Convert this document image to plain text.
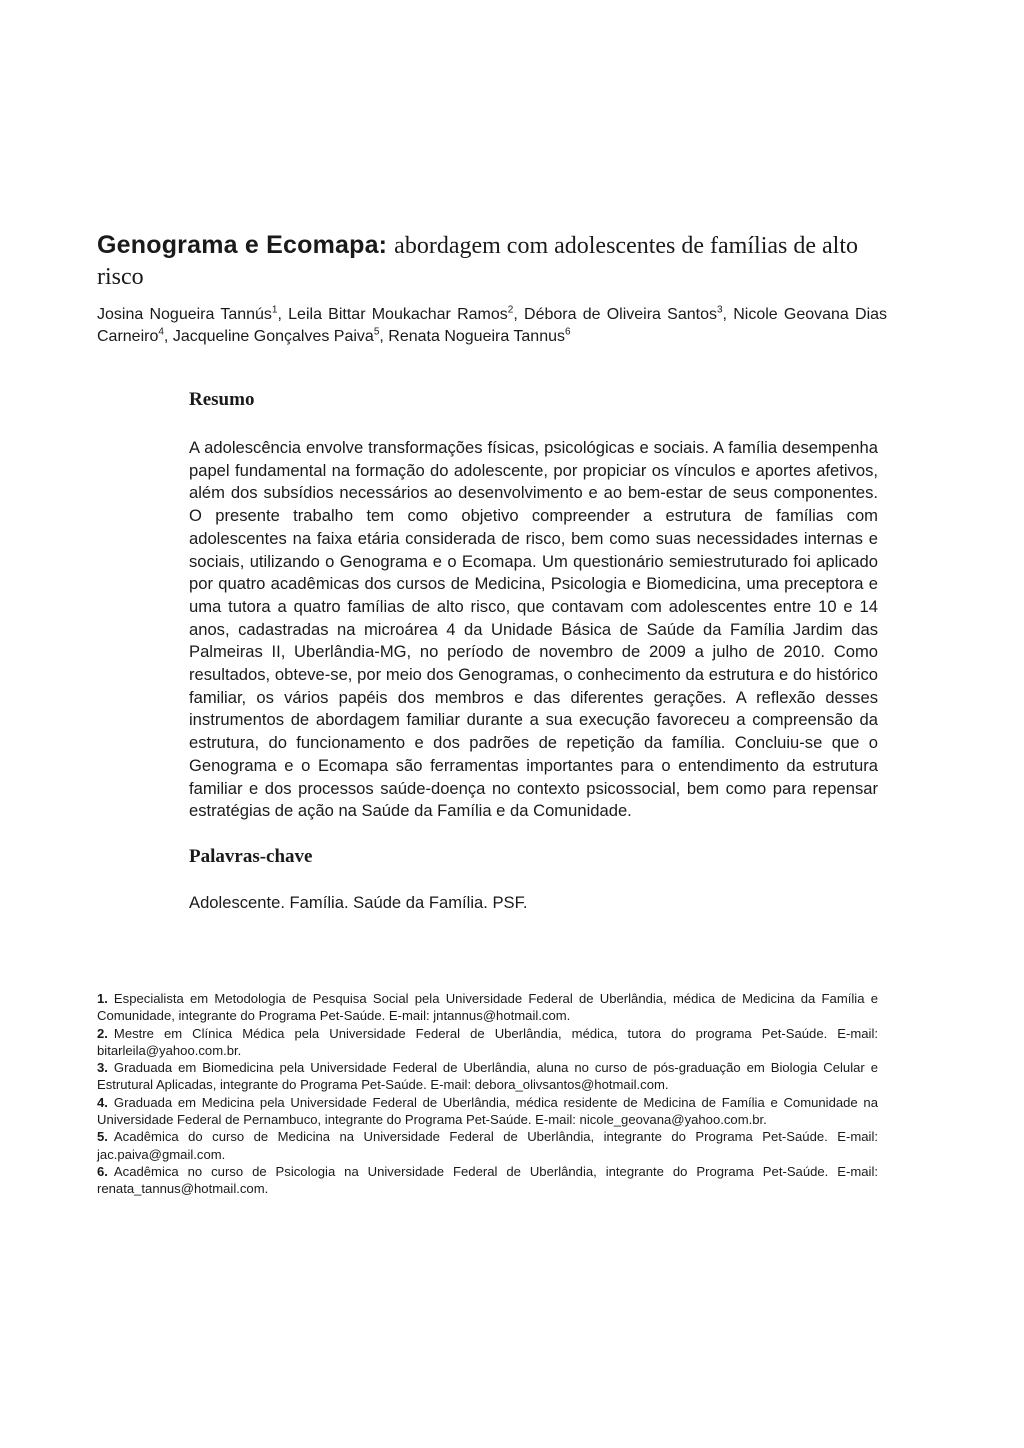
Genograma e Ecomapa: abordagem com adolescentes de famílias de alto risco

Josina Nogueira Tannús$^1$, Leila Bittar Moukachar Ramos$^2$, Débora de Oliveira Santos$^3$, Nicole Geovana Dias Carneiro$^4$, Jacqueline Gonçalves Paiva$^5$, Renata Nogueira Tannus$^6$

Resumo

A adolescência envolve transformações físicas, psicológicas e sociais. A família desempenha papel fundamental na formação do adolescente, por propiciar os vínculos e aportes afetivos, além dos subsídios necessários ao desenvolvimento e ao bem-estar de seus componentes. O presente trabalho tem como objetivo compreender a estrutura de famílias com adolescentes na faixa etária considerada de risco, bem como suas necessidades internas e sociais, utilizando o Genograma e o Ecomapa. Um questionário semiestruturado foi aplicado por quatro acadêmicas dos cursos de Medicina, Psicologia e Biomedicina, uma preceptora e uma tutora a quatro famílias de alto risco, que contavam com adolescentes entre 10 e 14 anos, cadastradas na microárea 4 da Unidade Básica de Saúde da Família Jardim das Palmeiras II, Uberlândia-MG, no período de novembro de 2009 a julho de 2010. Como resultados, obteve-se, por meio dos Genogramas, o conhecimento da estrutura e do histórico familiar, os vários papéis dos membros e das diferentes gerações. A reflexão desses instrumentos de abordagem familiar durante a sua execução favoreceu a compreensão da estrutura, do funcionamento e dos padrões de repetição da família. Concluiu-se que o Genograma e o Ecomapa são ferramentas importantes para o entendimento da estrutura familiar e dos processos saúde-doença no contexto psicossocial, bem como para repensar estratégias de ação na Saúde da Família e da Comunidade.

Palavras-chave

Adolescente. Família. Saúde da Família. PSF.

1. Especialista em Metodologia de Pesquisa Social pela Universidade Federal de Uberlândia, médica de Medicina da Família e Comunidade, integrante do Programa Pet-Saúde. E-mail: jntannus@hotmail.com.

2. Mestre em Clínica Médica pela Universidade Federal de Uberlândia, médica, tutora do programa Pet-Saúde. E-mail: bitarleila@yahoo.com.br.

3. Graduada em Biomedicina pela Universidade Federal de Uberlândia, aluna no curso de pós-graduação em Biologia Celular e Estrutural Aplicadas, integrante do Programa Pet-Saúde. E-mail: debora_olivsantos@hotmail.com.

4. Graduada em Medicina pela Universidade Federal de Uberlândia, médica residente de Medicina de Família e Comunidade na Universidade Federal de Pernambuco, integrante do Programa Pet-Saúde. E-mail: nicole_geovana@yahoo.com.br.

5. Acadêmica do curso de Medicina na Universidade Federal de Uberlândia, integrante do Programa Pet-Saúde. E-mail: jac.paiva@gmail.com.

6. Acadêmica no curso de Psicologia na Universidade Federal de Uberlândia, integrante do Programa Pet-Saúde. E-mail: renata_tannus@hotmail.com.
